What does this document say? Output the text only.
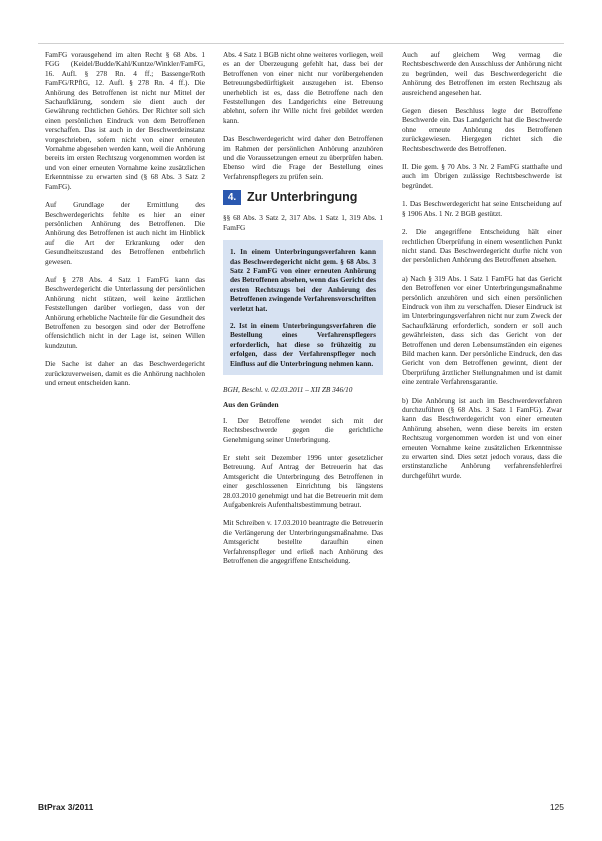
FamFG vorausgehend im alten Recht § 68 Abs. 1 FGG (Keidel/Budde/Kahl/Kuntze/Winkler/FamFG, 16. Aufl. § 278 Rn. 4 ff.; Bassenge/Roth FamFG/RPflG, 12. Aufl. § 278 Rn. 4 ff.). Die Anhörung des Betroffenen ist nicht nur Mittel der Sachaufklärung, sondern sie dient auch der Gewährung rechtlichen Gehörs. Der Richter soll sich einen persönlichen Eindruck von dem Betroffenen verschaffen. Das ist auch in der Beschwerdeinstanz vorgeschrieben, sofern nicht von einer erneuten Vornahme abgesehen werden kann, weil die Anhörung bereits im ersten Rechtszug vorgenommen worden ist und von einer erneuten Vornahme keine zusätzlichen Erkenntnisse zu erwarten sind (§ 68 Abs. 3 Satz 2 FamFG).

Auf Grundlage der Ermittlung des Beschwerdegerichts fehlte es hier an einer persönlichen Anhörung des Betroffenen. Die Anhörung des Betroffenen ist auch nicht im Hinblick auf die Art der Erkrankung oder den Gesundheitszustand des Betroffenen entbehrlich gewesen.

Auf § 278 Abs. 4 Satz 1 FamFG kann das Beschwerdegericht die Unterlassung der persönlichen Anhörung nicht stützen, weil keine ärztlichen Feststellungen darüber vorliegen, dass von der Anhörung erhebliche Nachteile für die Gesundheit des Betroffenen zu besorgen sind oder der Betroffene offensichtlich nicht in der Lage ist, seinen Willen kundzutun.

Die Sache ist daher an das Beschwerdegericht zurückzuverweisen, damit es die Anhörung nachholen und erneut entscheiden kann.

Abs. 4 Satz 1 BGB nicht ohne weiteres vorliegen, weil es an der Überzeugung gefehlt hat, dass bei der Betroffenen von einer nicht nur vorübergehenden Betreuungsbedürftigkeit auszugehen ist. Ebenso unerheblich ist es, dass die Betroffene nach den Feststellungen des Landgerichts eine Betreuung ablehnt, sofern ihr Wille nicht frei gebildet werden kann.

Das Beschwerdegericht wird daher den Betroffenen im Rahmen der persönlichen Anhörung anzuhören und die Voraussetzungen erneut zu überprüfen haben. Ebenso wird die Frage der Bestellung eines Verfahrenspflegers zu prüfen sein.

4. Zur Unterbringung
§§ 68 Abs. 3 Satz 2, 317 Abs. 1 Satz 1, 319 Abs. 1 FamFG

1. In einem Unterbringungsverfahren kann das Beschwerdegericht nicht gem. § 68 Abs. 3 Satz 2 FamFG von einer erneuten Anhörung des Betroffenen absehen, wenn das Gericht des ersten Rechtszugs bei der Anhörung des Betroffenen zwingende Verfahrensvorschriften verletzt hat.

2. Ist in einem Unterbringungsverfahren die Bestellung eines Verfahrenspflegers erforderlich, hat diese so frühzeitig zu erfolgen, dass der Verfahrenspfleger noch Einfluss auf die Unterbringung nehmen kann.

BGH, Beschl. v. 02.03.2011 – XII ZB 346/10
Aus den Gründen

I. Der Betroffene wendet sich mit der Rechtsbeschwerde gegen die gerichtliche Genehmigung seiner Unterbringung.

Er steht seit Dezember 1996 unter gesetzlicher Betreuung. Auf Antrag der Betreuerin hat das Amtsgericht die Unterbringung des Betroffenen in einer geschlossenen Einrichtung bis längstens 28.03.2010 genehmigt und hat die Betreuerin mit dem Aufgabenkreis Aufenthaltsbestimmung betraut.

Mit Schreiben v. 17.03.2010 beantragte die Betreuerin die Verlängerung der Unterbringungsmaßnahme. Das Amtsgericht bestellte daraufhin einen Verfahrenspfleger und erließ nach Anhörung des Betroffenen die angegriffene Entscheidung.

Auch auf gleichem Weg vermag die Rechtsbeschwerde den Ausschluss der Anhörung nicht zu begründen, weil das Beschwerdegericht die Anhörung des Betroffenen im ersten Rechtszug als ausreichend angesehen hat.

Gegen diesen Beschluss legte der Betroffene Beschwerde ein. Das Landgericht hat die Beschwerde ohne erneute Anhörung des Betroffenen zurückgewiesen. Hiergegen richtet sich die Rechtsbeschwerde des Betroffenen.

II. Die gem. § 70 Abs. 3 Nr. 2 FamFG statthafte und auch im Übrigen zulässige Rechtsbeschwerde ist begründet.

1. Das Beschwerdegericht hat seine Entscheidung auf § 1906 Abs. 1 Nr. 2 BGB gestützt.

2. Die angegriffene Entscheidung hält einer rechtlichen Überprüfung in einem wesentlichen Punkt nicht stand. Das Beschwerdegericht durfte nicht von der persönlichen Anhörung des Betroffenen absehen.

a) Nach § 319 Abs. 1 Satz 1 FamFG hat das Gericht den Betroffenen vor einer Unterbringungsmaßnahme persönlich anzuhören und sich einen persönlichen Eindruck von ihm zu verschaffen. Dieser Eindruck ist im Unterbringungsverfahren nicht nur zum Zweck der Sachaufklärung erforderlich, sondern er soll auch gewährleisten, dass sich das Gericht von der Betroffenen und deren Lebensumständen ein eigenes Bild machen kann. Der persönliche Eindruck, den das Gericht von dem Betroffenen gewinnt, dient der Überprüfung ärztlicher Stellungnahmen und ist damit eine zentrale Verfahrensgarantie.

b) Die Anhörung ist auch im Beschwerdeverfahren durchzuführen (§ 68 Abs. 3 Satz 1 FamFG). Zwar kann das Beschwerdegericht von einer erneuten Anhörung absehen, wenn diese bereits im ersten Rechtszug vorgenommen worden ist und von einer erneuten Vornahme keine zusätzlichen Erkenntnisse zu erwarten sind. Dies setzt jedoch voraus, dass die erstinstanzliche Anhörung verfahrensfehlerfrei durchgeführt wurde.

BtPrax 3/2011	125
